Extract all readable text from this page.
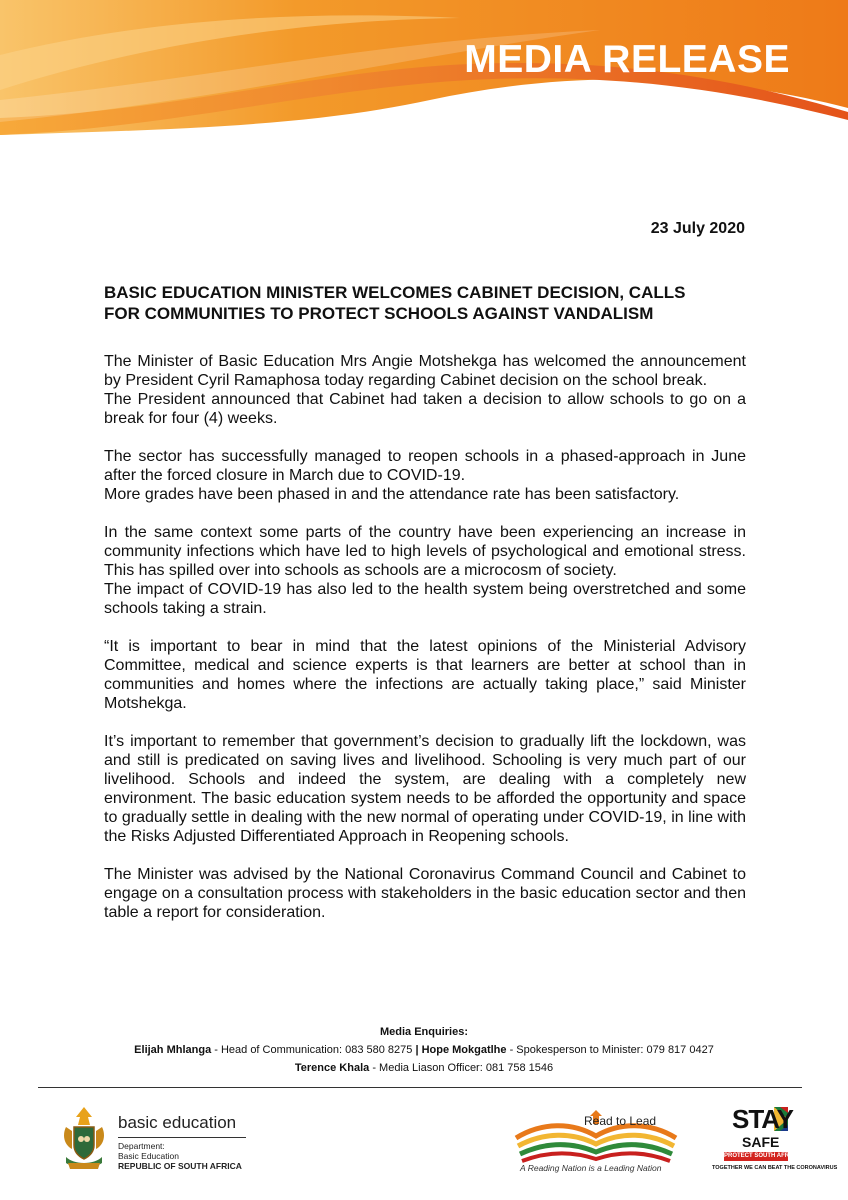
MEDIA RELEASE
23 July 2020
BASIC EDUCATION MINISTER WELCOMES CABINET DECISION, CALLS
FOR COMMUNITIES TO PROTECT SCHOOLS AGAINST VANDALISM

The Minister of Basic Education Mrs Angie Motshekga has welcomed the announcement by President Cyril Ramaphosa today regarding Cabinet decision on the school break.
The President announced that Cabinet had taken a decision to allow schools to go on a break for four (4) weeks.

The sector has successfully managed to reopen schools in a phased-approach in June after the forced closure in March due to COVID-19.
More grades have been phased in and the attendance rate has been satisfactory.

In the same context some parts of the country have been experiencing an increase in community infections which have led to high levels of psychological and emotional stress. This has spilled over into schools as schools are a microcosm of society.
The impact of COVID-19 has also led to the health system being overstretched and some schools taking a strain.

“It is important to bear in mind that the latest opinions of the Ministerial Advisory Committee, medical and science experts is that learners are better at school than in communities and homes where the infections are actually taking place,” said Minister Motshekga.

It’s important to remember that government’s decision to gradually lift the lockdown, was and still is predicated on saving lives and livelihood. Schooling is very much part of our livelihood. Schools and indeed the system, are dealing with a completely new environment. The basic education system needs to be afforded the opportunity and space to gradually settle in dealing with the new normal of operating under COVID-19, in line with the Risks Adjusted Differentiated Approach in Reopening schools.

The Minister was advised by the National Coronavirus Command Council and Cabinet to engage on a consultation process with stakeholders in the basic education sector and then table a report for consideration.

Media Enquiries:
Elijah Mhlanga - Head of Communication: 083 580 8275 | Hope Mokgatlhe - Spokesperson to Minister: 079 817 0427
Terence Khala - Media Liason Officer: 081 758 1546
basic education
Department:
Basic Education
REPUBLIC OF SOUTH AFRICA
Read to Lead
A Reading Nation is a Leading Nation
STAY
SAFE
PROTECT SOUTH AFRICA
TOGETHER WE CAN BEAT THE CORONAVIRUS
